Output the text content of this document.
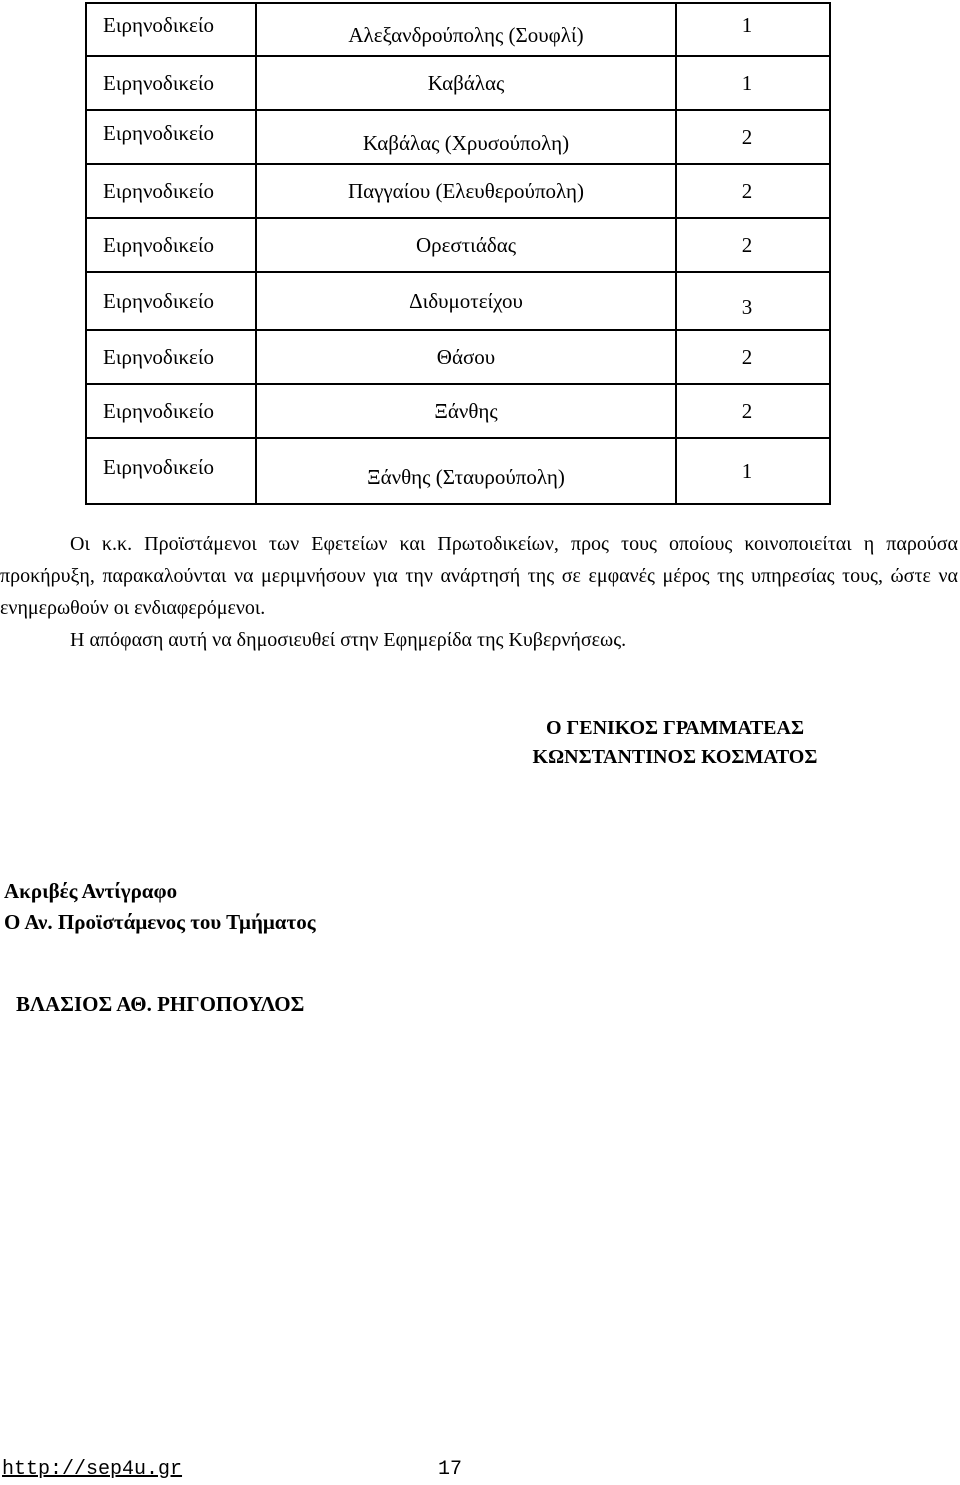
Ειρηνοδικείο	Αλεξανδρούπολης (Σουφλί)	1
Ειρηνοδικείο	Καβάλας	1
Ειρηνοδικείο	Καβάλας (Χρυσούπολη)	2
Ειρηνοδικείο	Παγγαίου (Ελευθερούπολη)	2
Ειρηνοδικείο	Ορεστιάδας	2
Ειρηνοδικείο	Διδυμοτείχου	3
Ειρηνοδικείο	Θάσου	2
Ειρηνοδικείο	Ξάνθης	2
Ειρηνοδικείο	Ξάνθης (Σταυρούπολη)	1

Οι κ.κ. Προϊστάμενοι των Εφετείων και Πρωτοδικείων, προς τους οποίους κοινοποιείται η παρούσα προκήρυξη, παρακαλούνται να μεριμνήσουν για την ανάρτησή της σε εμφανές μέρος της υπηρεσίας τους, ώστε να ενημερωθούν οι ενδιαφερόμενοι.

Η απόφαση αυτή να δημοσιευθεί στην Εφημερίδα της Κυβερνήσεως.

Ο ΓΕΝΙΚΟΣ ΓΡΑΜΜΑΤΕΑΣ
ΚΩΝΣΤΑΝΤΙΝΟΣ ΚΟΣΜΑΤΟΣ
Ακριβές Αντίγραφο
Ο Αν. Προϊστάμενος του Τμήματος
ΒΛΑΣΙΟΣ ΑΘ. ΡΗΓΟΠΟΥΛΟΣ
http://sep4u.gr	17
